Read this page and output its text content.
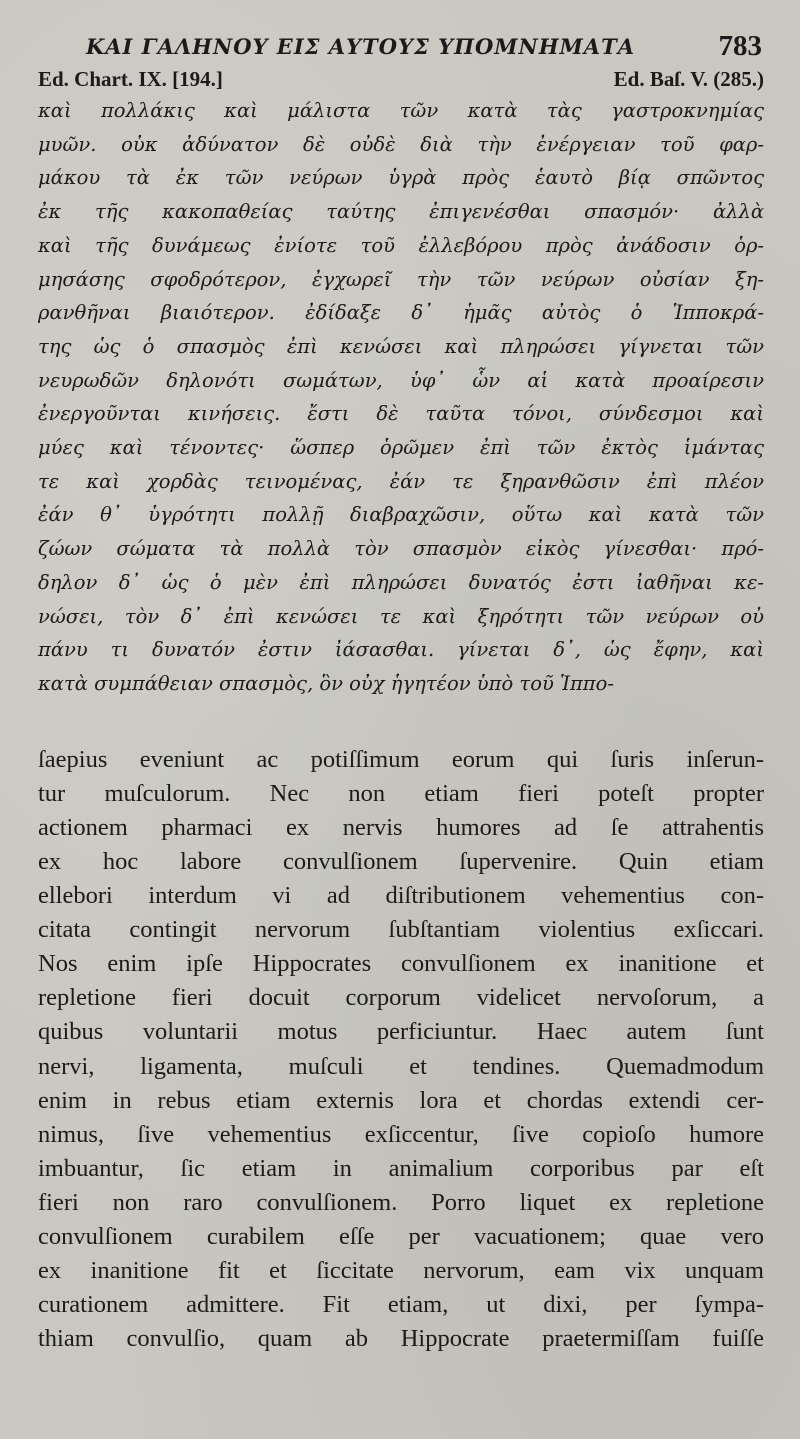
ΚΑΙ ΓΑΛΗΝΟΥ ΕΙΣ ΑΥΤΟΥΣ ΥΠΟΜΝΗΜΑΤΑ	783
Ed. Chart. IX. [194.]	Ed. Baſ. V. (285.)
καὶ πολλάκις καὶ μάλιστα τῶν κατὰ τὰς γαστροκνημίας
μυῶν. οὐκ ἀδύνατον δὲ οὐδὲ διὰ τὴν ἐνέργειαν τοῦ φαρ-
μάκου τὰ ἐκ τῶν νεύρων ὑγρὰ πρὸς ἑαυτὸ βίᾳ σπῶντος
ἐκ τῆς κακοπαθείας ταύτης ἐπιγενέσθαι σπασμόν· ἀλλὰ
καὶ τῆς δυνάμεως ἐνίοτε τοῦ ἐλλεβόρου πρὸς ἀνάδοσιν ὁρ-
μησάσης σφοδρότερον, ἐγχωρεῖ τὴν τῶν νεύρων οὐσίαν ξη-
ρανθῆναι βιαιότερον. ἐδίδαξε δ᾽ ἡμᾶς αὐτὸς ὁ Ἱπποκρά-
της ὡς ὁ σπασμὸς ἐπὶ κενώσει καὶ πληρώσει γίγνεται τῶν
νευρωδῶν δηλονότι σωμάτων, ὑφ᾽ ὧν αἱ κατὰ προαίρεσιν
ἐνεργοῦνται κινήσεις. ἔστι δὲ ταῦτα τόνοι, σύνδεσμοι καὶ
μύες καὶ τένοντες· ὥσπερ ὁρῶμεν ἐπὶ τῶν ἐκτὸς ἱμάντας
τε καὶ χορδὰς τεινομένας, ἐάν τε ξηρανθῶσιν ἐπὶ πλέον
ἐάν θ᾽ ὑγρότητι πολλῇ διαβραχῶσιν, οὕτω καὶ κατὰ τῶν
ζώων σώματα τὰ πολλὰ τὸν σπασμὸν εἰκὸς γίνεσθαι· πρό-
δηλον δ᾽ ὡς ὁ μὲν ἐπὶ πληρώσει δυνατός ἐστι ἰαθῆναι κε-
νώσει, τὸν δ᾽ ἐπὶ κενώσει τε καὶ ξηρότητι τῶν νεύρων οὐ
πάνυ τι δυνατόν ἐστιν ἰάσασθαι. γίνεται δ᾽, ὡς ἔφην, καὶ
κατὰ συμπάθειαν σπασμὸς, ὃν οὐχ ἡγητέον ὑπὸ τοῦ Ἱππο-
ſaepius eveniunt ac potiſſimum eorum qui ſuris inſerun-
tur muſculorum. Nec non etiam fieri poteſt propter
actionem pharmaci ex nervis humores ad ſe attrahentis
ex hoc labore convulſionem ſupervenire. Quin etiam
ellebori interdum vi ad diſtributionem vehementius con-
citata contingit nervorum ſubſtantiam violentius exſiccari.
Nos enim ipſe Hippocrates convulſionem ex inanitione et
repletione fieri docuit corporum videlicet nervoſorum, a
quibus voluntarii motus perficiuntur. Haec autem ſunt
nervi, ligamenta, muſculi et tendines. Quemadmodum
enim in rebus etiam externis lora et chordas extendi cer-
nimus, ſive vehementius exſiccentur, ſive copioſo humore
imbuantur, ſic etiam in animalium corporibus par eſt
fieri non raro convulſionem. Porro liquet ex repletione
convulſionem curabilem eſſe per vacuationem; quae vero
ex inanitione fit et ſiccitate nervorum, eam vix unquam
curationem admittere. Fit etiam, ut dixi, per ſympa-
thiam convulſio, quam ab Hippocrate praetermiſſam fuiſſe
